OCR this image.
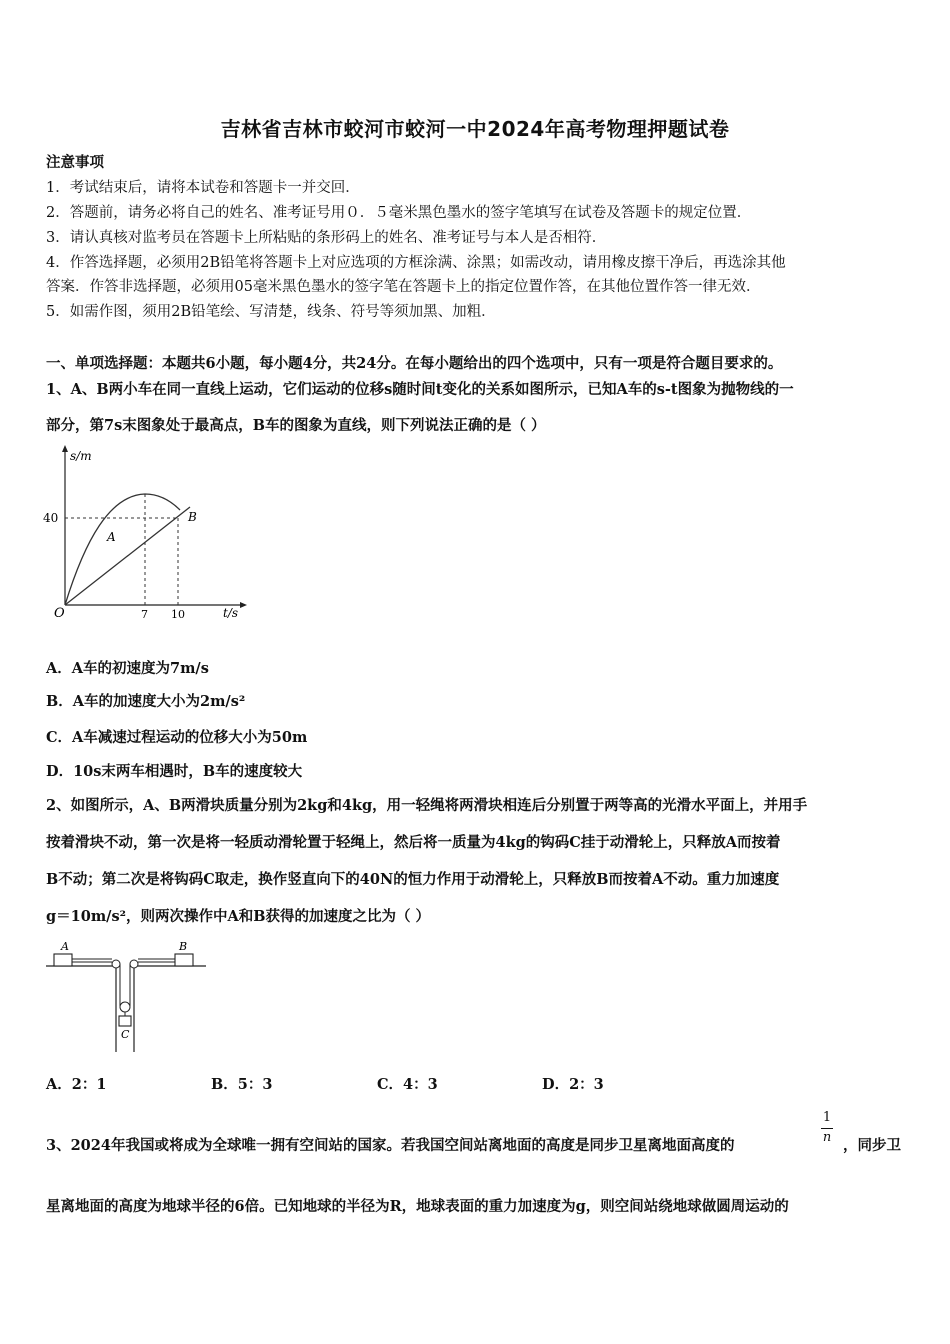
吉林省吉林市蛟河市蛟河一中2024年高考物理押题试卷
注意事项
1．考试结束后，请将本试卷和答题卡一并交回．
2．答题前，请务必将自己的姓名、准考证号用０．５毫米黑色墨水的签字笔填写在试卷及答题卡的规定位置．
3．请认真核对监考员在答题卡上所粘贴的条形码上的姓名、准考证号与本人是否相符．
4．作答选择题，必须用2B铅笔将答题卡上对应选项的方框涂满、涂黑；如需改动，请用橡皮擦干净后，再选涂其他
答案．作答非选择题，必须用05毫米黑色墨水的签字笔在答题卡上的指定位置作答，在其他位置作答一律无效．
5．如需作图，须用2B铅笔绘、写清楚，线条、符号等须加黑、加粗．
一、单项选择题：本题共6小题，每小题4分，共24分。在每小题给出的四个选项中，只有一项是符合题目要求的。
1、A、B两小车在同一直线上运动，它们运动的位移s随时间t变化的关系如图所示，已知A车的s-t图象为抛物线的一
部分，第7s末图象处于最高点，B车的图象为直线，则下列说法正确的是（ ）
s/m
t/s
O
40
7 10
A
B
A．A车的初速度为7m/s
B．A车的加速度大小为2m/s²
C．A车减速过程运动的位移大小为50m
D．10s末两车相遇时，B车的速度较大
2、如图所示，A、B两滑块质量分别为2kg和4kg，用一轻绳将两滑块相连后分别置于两等高的光滑水平面上，并用手
按着滑块不动，第一次是将一轻质动滑轮置于轻绳上，然后将一质量为4kg的钩码C挂于动滑轮上，只释放A而按着
B不动；第二次是将钩码C取走，换作竖直向下的40N的恒力作用于动滑轮上，只释放B而按着A不动。重力加速度
g＝10m/s²，则两次操作中A和B获得的加速度之比为（ ）
A	B
C
A．2：1	B．5：3	C．4：3	D．2：3
3、2024年我国或将成为全球唯一拥有空间站的国家。若我国空间站离地面的高度是同步卫星离地面高度的
1
n ，同步卫
星离地面的高度为地球半径的6倍。已知地球的半径为R，地球表面的重力加速度为g，则空间站绕地球做圆周运动的
